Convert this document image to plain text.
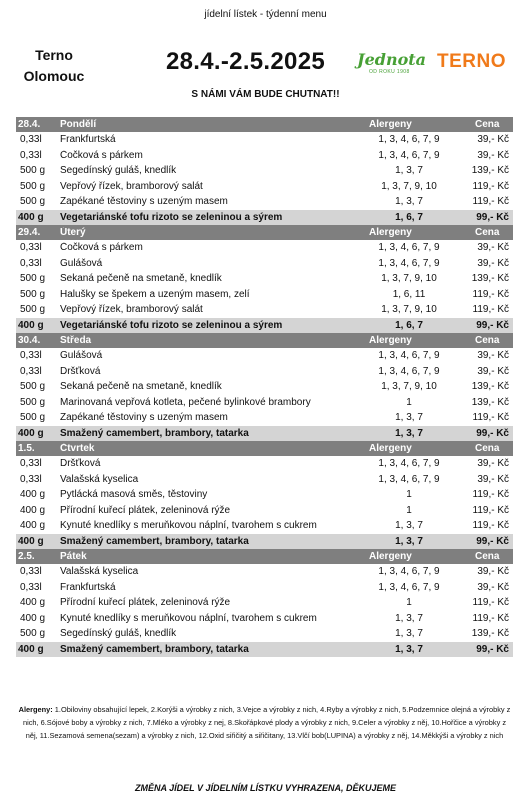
jídelní lístek - týdenní menu
Terno
Olomouc
28.4.-2.5.2025 Jednota
OD ROKU 1908	TERNO
S NÁMI VÁM BUDE CHUTNAT!!
28.4.	Pondělí	Alergeny	Cena
0,33l	Frankfurtská	1, 3, 4, 6, 7, 9	39,- Kč
0,33l	Čočková s párkem	1, 3, 4, 6, 7, 9	39,- Kč
500 g	Segedínský guláš, knedlík	1, 3, 7	139,- Kč
500 g	Vepřový řízek, bramborový salát	1, 3, 7, 9, 10	119,- Kč
500 g	Zapékané těstoviny s uzeným masem	1, 3, 7	119,- Kč
400 g	Vegetariánské tofu rizoto se zeleninou a sýrem	1, 6, 7	99,- Kč
29.4.	Úterý	Alergeny	Cena
0,33l	Čočková s párkem	1, 3, 4, 6, 7, 9	39,- Kč
0,33l	Gulášová	1, 3, 4, 6, 7, 9	39,- Kč
500 g	Sekaná pečeně na smetaně, knedlík	1, 3, 7, 9, 10	139,- Kč
500 g	Halušky se špekem a uzeným masem, zelí	1, 6, 11	119,- Kč
500 g	Vepřový řízek, bramborový salát	1, 3, 7, 9, 10	119,- Kč
400 g	Vegetariánské tofu rizoto se zeleninou a sýrem	1, 6, 7	99,- Kč
30.4.	Středa	Alergeny	Cena
0,33l	Gulášová	1, 3, 4, 6, 7, 9	39,- Kč
0,33l	Dršťková	1, 3, 4, 6, 7, 9	39,- Kč
500 g	Sekaná pečeně na smetaně, knedlík	1, 3, 7, 9, 10	139,- Kč
500 g	Marinovaná vepřová kotleta, pečené bylinkové brambory	1	139,- Kč
500 g	Zapékané těstoviny s uzeným masem	1, 3, 7	119,- Kč
400 g	Smažený camembert, brambory, tatarka	1, 3, 7	99,- Kč
1.5.	Čtvrtek	Alergeny	Cena
0,33l	Dršťková	1, 3, 4, 6, 7, 9	39,- Kč
0,33l	Valašská kyselica	1, 3, 4, 6, 7, 9	39,- Kč
400 g	Pytlácká masová směs, těstoviny	1	119,- Kč
400 g	Přírodní kuřecí plátek, zeleninová rýže	1	119,- Kč
400 g	Kynuté knedlíky s meruňkovou náplní, tvarohem s cukrem	1, 3, 7	119,- Kč
400 g	Smažený camembert, brambory, tatarka	1, 3, 7	99,- Kč
2.5.	Pátek	Alergeny	Cena
0,33l	Valašská kyselica	1, 3, 4, 6, 7, 9	39,- Kč
0,33l	Frankfurtská	1, 3, 4, 6, 7, 9	39,- Kč
400 g	Přírodní kuřecí plátek, zeleninová rýže	1	119,- Kč
400 g	Kynuté knedlíky s meruňkovou náplní, tvarohem s cukrem	1, 3, 7	119,- Kč
500 g	Segedínský guláš, knedlík	1, 3, 7	139,- Kč
400 g	Smažený camembert, brambory, tatarka	1, 3, 7	99,- Kč
Alergeny: 1.Obiloviny obsahující lepek, 2.Korýši a výrobky z nich, 3.Vejce a výrobky z nich, 4.Ryby a výrobky z nich, 5.Podzemnice olejná a výrobky z nich, 6.Sójové boby a výrobky z nich, 7.Mléko a výrobky z nej, 8.Skořápkové plody a výrobky z nich, 9.Celer a výrobky z něj, 10.Hořčice a výrobky z něj, 11.Sezamová semena(sezam) a výrobky z nich, 12.Oxid siřičitý a siřičitany, 13.Vlčí bob(LUPINA) a výrobky z něj, 14.Měkkýši a výrobky z nich
ZMĚNA JÍDEL V JÍDELNÍM LÍSTKU VYHRAZENA, DĚKUJEME
